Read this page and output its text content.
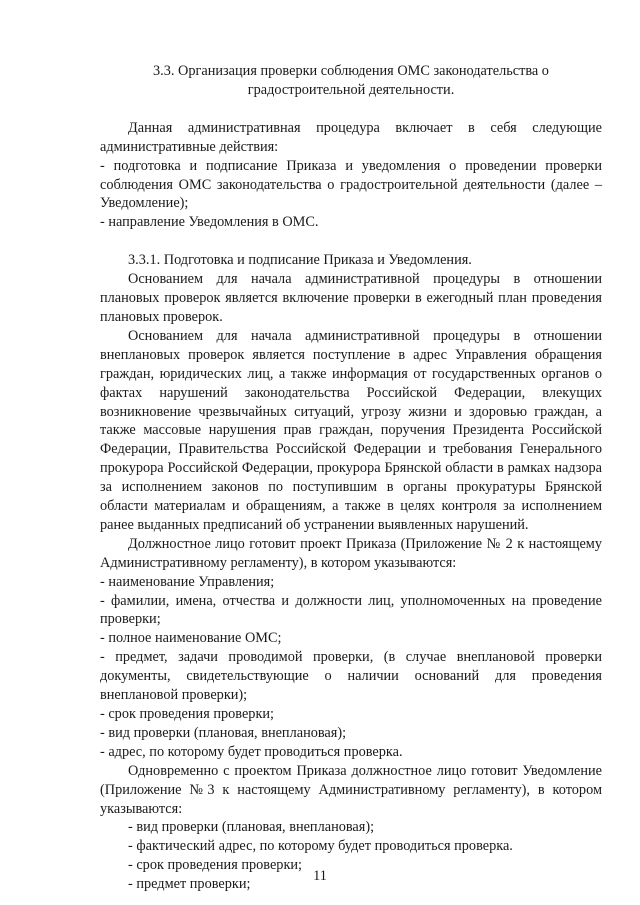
3.3. Организация проверки соблюдения ОМС законодательства о градостроительной деятельности.

Данная административная процедура включает в себя следующие административные действия:

- подготовка и подписание Приказа и уведомления о проведении проверки соблюдения ОМС законодательства о градостроительной деятельности (далее – Уведомление);

- направление Уведомления в ОМС.

3.3.1. Подготовка и подписание Приказа и Уведомления.

Основанием для начала административной процедуры в отношении плановых проверок является включение проверки в ежегодный план проведения плановых проверок.

Основанием для начала административной процедуры в отношении внеплановых проверок является поступление в адрес Управления обращения граждан, юридических лиц, а также информация от государственных органов о фактах нарушений законодательства Российской Федерации, влекущих возникновение чрезвычайных ситуаций, угрозу жизни и здоровью граждан, а также массовые нарушения прав граждан, поручения Президента Российской Федерации, Правительства Российской Федерации и требования Генерального прокурора Российской Федерации, прокурора Брянской области в рамках надзора за исполнением законов по поступившим в органы прокуратуры Брянской области материалам и обращениям, а также в целях контроля за исполнением ранее выданных предписаний об устранении выявленных нарушений.

Должностное лицо готовит проект Приказа (Приложение № 2 к настоящему Административному регламенту), в котором указываются:

- наименование Управления;

- фамилии, имена, отчества и должности лиц, уполномоченных на проведение проверки;

- полное наименование ОМС;

- предмет, задачи проводимой проверки, (в случае внеплановой проверки документы, свидетельствующие о наличии оснований для проведения внеплановой проверки);

- срок проведения проверки;

- вид проверки (плановая, внеплановая);

- адрес, по которому будет проводиться проверка.

Одновременно с проектом Приказа должностное лицо готовит Уведомление (Приложение №3 к настоящему Административному регламенту), в котором указываются:

- вид проверки (плановая, внеплановая);

- фактический адрес, по которому будет проводиться проверка.

- срок проведения проверки;

- предмет проверки;

11
